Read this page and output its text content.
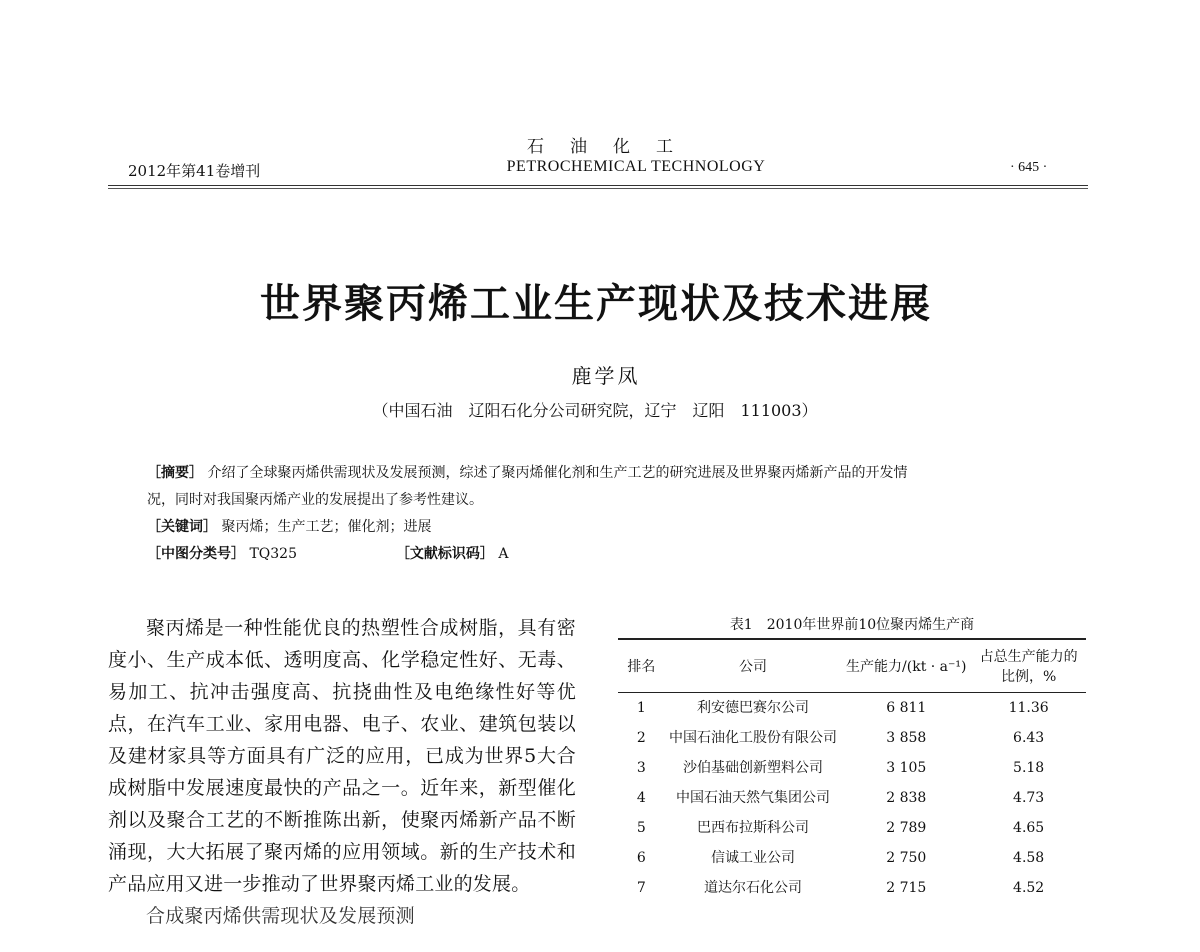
石油化工
2012年第41卷增刊	PETROCHEMICAL TECHNOLOGY	· 645 ·
世界聚丙烯工业生产现状及技术进展
鹿学凤
（中国石油　辽阳石化分公司研究院，辽宁　辽阳　111003）
［摘要］ 介绍了全球聚丙烯供需现状及发展预测，综述了聚丙烯催化剂和生产工艺的研究进展及世界聚丙烯新产品的开发情
况，同时对我国聚丙烯产业的发展提出了参考性建议。
［关键词］ 聚丙烯；生产工艺；催化剂；进展
［中图分类号］ TQ325	［文献标识码］ A

聚丙烯是一种性能优良的热塑性合成树脂，具有密度小、生产成本低、透明度高、化学稳定性好、无毒、易加工、抗冲击强度高、抗挠曲性及电绝缘性好等优点，在汽车工业、家用电器、电子、农业、建筑包装以及建材家具等方面具有广泛的应用，已成为世界5大合成树脂中发展速度最快的产品之一。近年来，新型催化剂以及聚合工艺的不断推陈出新，使聚丙烯新产品不断涌现，大大拓展了聚丙烯的应用领域。新的生产技术和产品应用又进一步推动了世界聚丙烯工业的发展。

合成聚丙烯供需现状及发展预测

表1　2010年世界前10位聚丙烯生产商
排名	公司	生产能力/(kt · a⁻¹)	占总生产能力的比例，%
1	利安德巴赛尔公司	6 811	11.36
2	中国石油化工股份有限公司	3 858	6.43
3	沙伯基础创新塑料公司	3 105	5.18
4	中国石油天然气集团公司	2 838	4.73
5	巴西布拉斯科公司	2 789	4.65
6	信诚工业公司	2 750	4.58
7	道达尔石化公司	2 715	4.52
